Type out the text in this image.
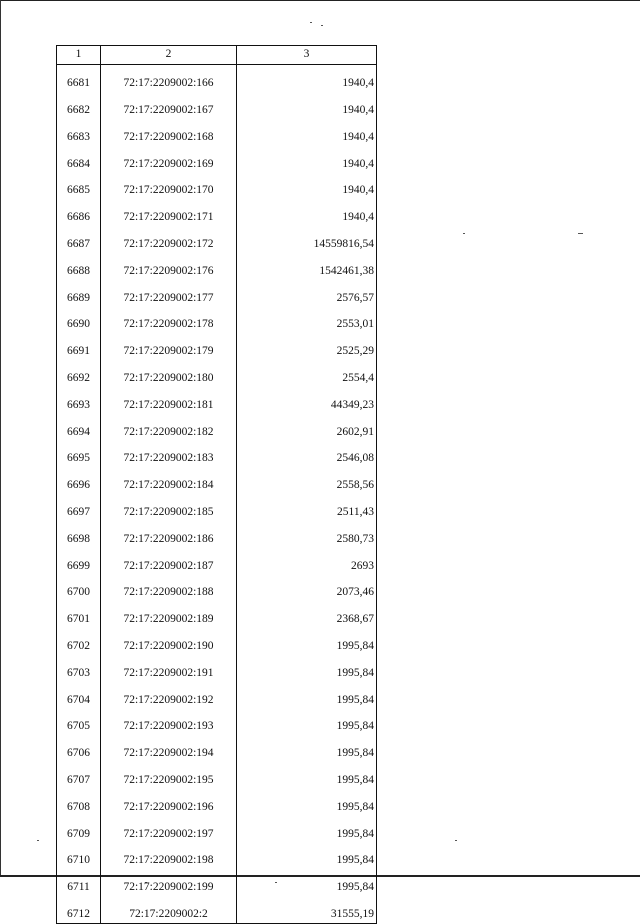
1	2	3
6681	72:17:2209002:166	1940,4
6682	72:17:2209002:167	1940,4
6683	72:17:2209002:168	1940,4
6684	72:17:2209002:169	1940,4
6685	72:17:2209002:170	1940,4
6686	72:17:2209002:171	1940,4
6687	72:17:2209002:172	14559816,54
6688	72:17:2209002:176	1542461,38
6689	72:17:2209002:177	2576,57
6690	72:17:2209002:178	2553,01
6691	72:17:2209002:179	2525,29
6692	72:17:2209002:180	2554,4
6693	72:17:2209002:181	44349,23
6694	72:17:2209002:182	2602,91
6695	72:17:2209002:183	2546,08
6696	72:17:2209002:184	2558,56
6697	72:17:2209002:185	2511,43
6698	72:17:2209002:186	2580,73
6699	72:17:2209002:187	2693
6700	72:17:2209002:188	2073,46
6701	72:17:2209002:189	2368,67
6702	72:17:2209002:190	1995,84
6703	72:17:2209002:191	1995,84
6704	72:17:2209002:192	1995,84
6705	72:17:2209002:193	1995,84
6706	72:17:2209002:194	1995,84
6707	72:17:2209002:195	1995,84
6708	72:17:2209002:196	1995,84
6709	72:17:2209002:197	1995,84
6710	72:17:2209002:198	1995,84
6711	72:17:2209002:199	1995,84
6712	72:17:2209002:2	31555,19
